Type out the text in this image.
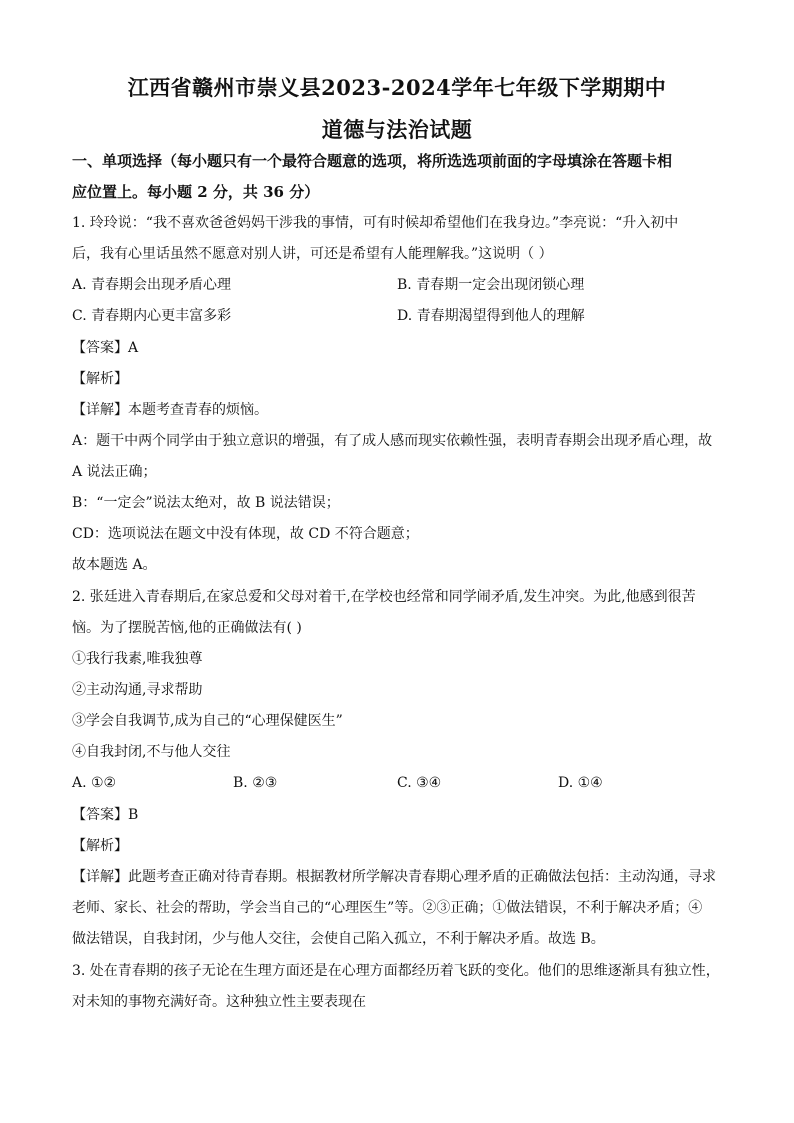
江西省赣州市崇义县2023-2024学年七年级下学期期中
道德与法治试题
一、单项选择（每小题只有一个最符合题意的选项，将所选选项前面的字母填涂在答题卡相
应位置上。每小题 2 分，共 36 分）
1. 玲玲说：“我不喜欢爸爸妈妈干涉我的事情，可有时候却希望他们在我身边。”李亮说：“升入初中
后，我有心里话虽然不愿意对别人讲，可还是希望有人能理解我。”这说明（ ）
A. 青春期会出现矛盾心理	B. 青春期一定会出现闭锁心理
C. 青春期内心更丰富多彩	D. 青春期渴望得到他人的理解
【答案】A
【解析】
【详解】本题考查青春的烦恼。
A：题干中两个同学由于独立意识的增强，有了成人感而现实依赖性强，表明青春期会出现矛盾心理，故
A 说法正确；
B：“一定会”说法太绝对，故 B 说法错误；
CD：选项说法在题文中没有体现，故 CD 不符合题意；
故本题选 A。
2. 张廷进入青春期后,在家总爱和父母对着干,在学校也经常和同学闹矛盾,发生冲突。为此,他感到很苦
恼。为了摆脱苦恼,他的正确做法有( )
①我行我素,唯我独尊
②主动沟通,寻求帮助
③学会自我调节,成为自己的“心理保健医生”
④自我封闭,不与他人交往
A. ①②	B. ②③	C. ③④	D. ①④
【答案】B
【解析】
【详解】此题考查正确对待青春期。根据教材所学解决青春期心理矛盾的正确做法包括：主动沟通，寻求
老师、家长、社会的帮助，学会当自己的“心理医生”等。②③正确；①做法错误，不利于解决矛盾；④
做法错误，自我封闭，少与他人交往，会使自己陷入孤立，不利于解决矛盾。故选 B。
3. 处在青春期的孩子无论在生理方面还是在心理方面都经历着飞跃的变化。他们的思维逐渐具有独立性，
对未知的事物充满好奇。这种独立性主要表现在
